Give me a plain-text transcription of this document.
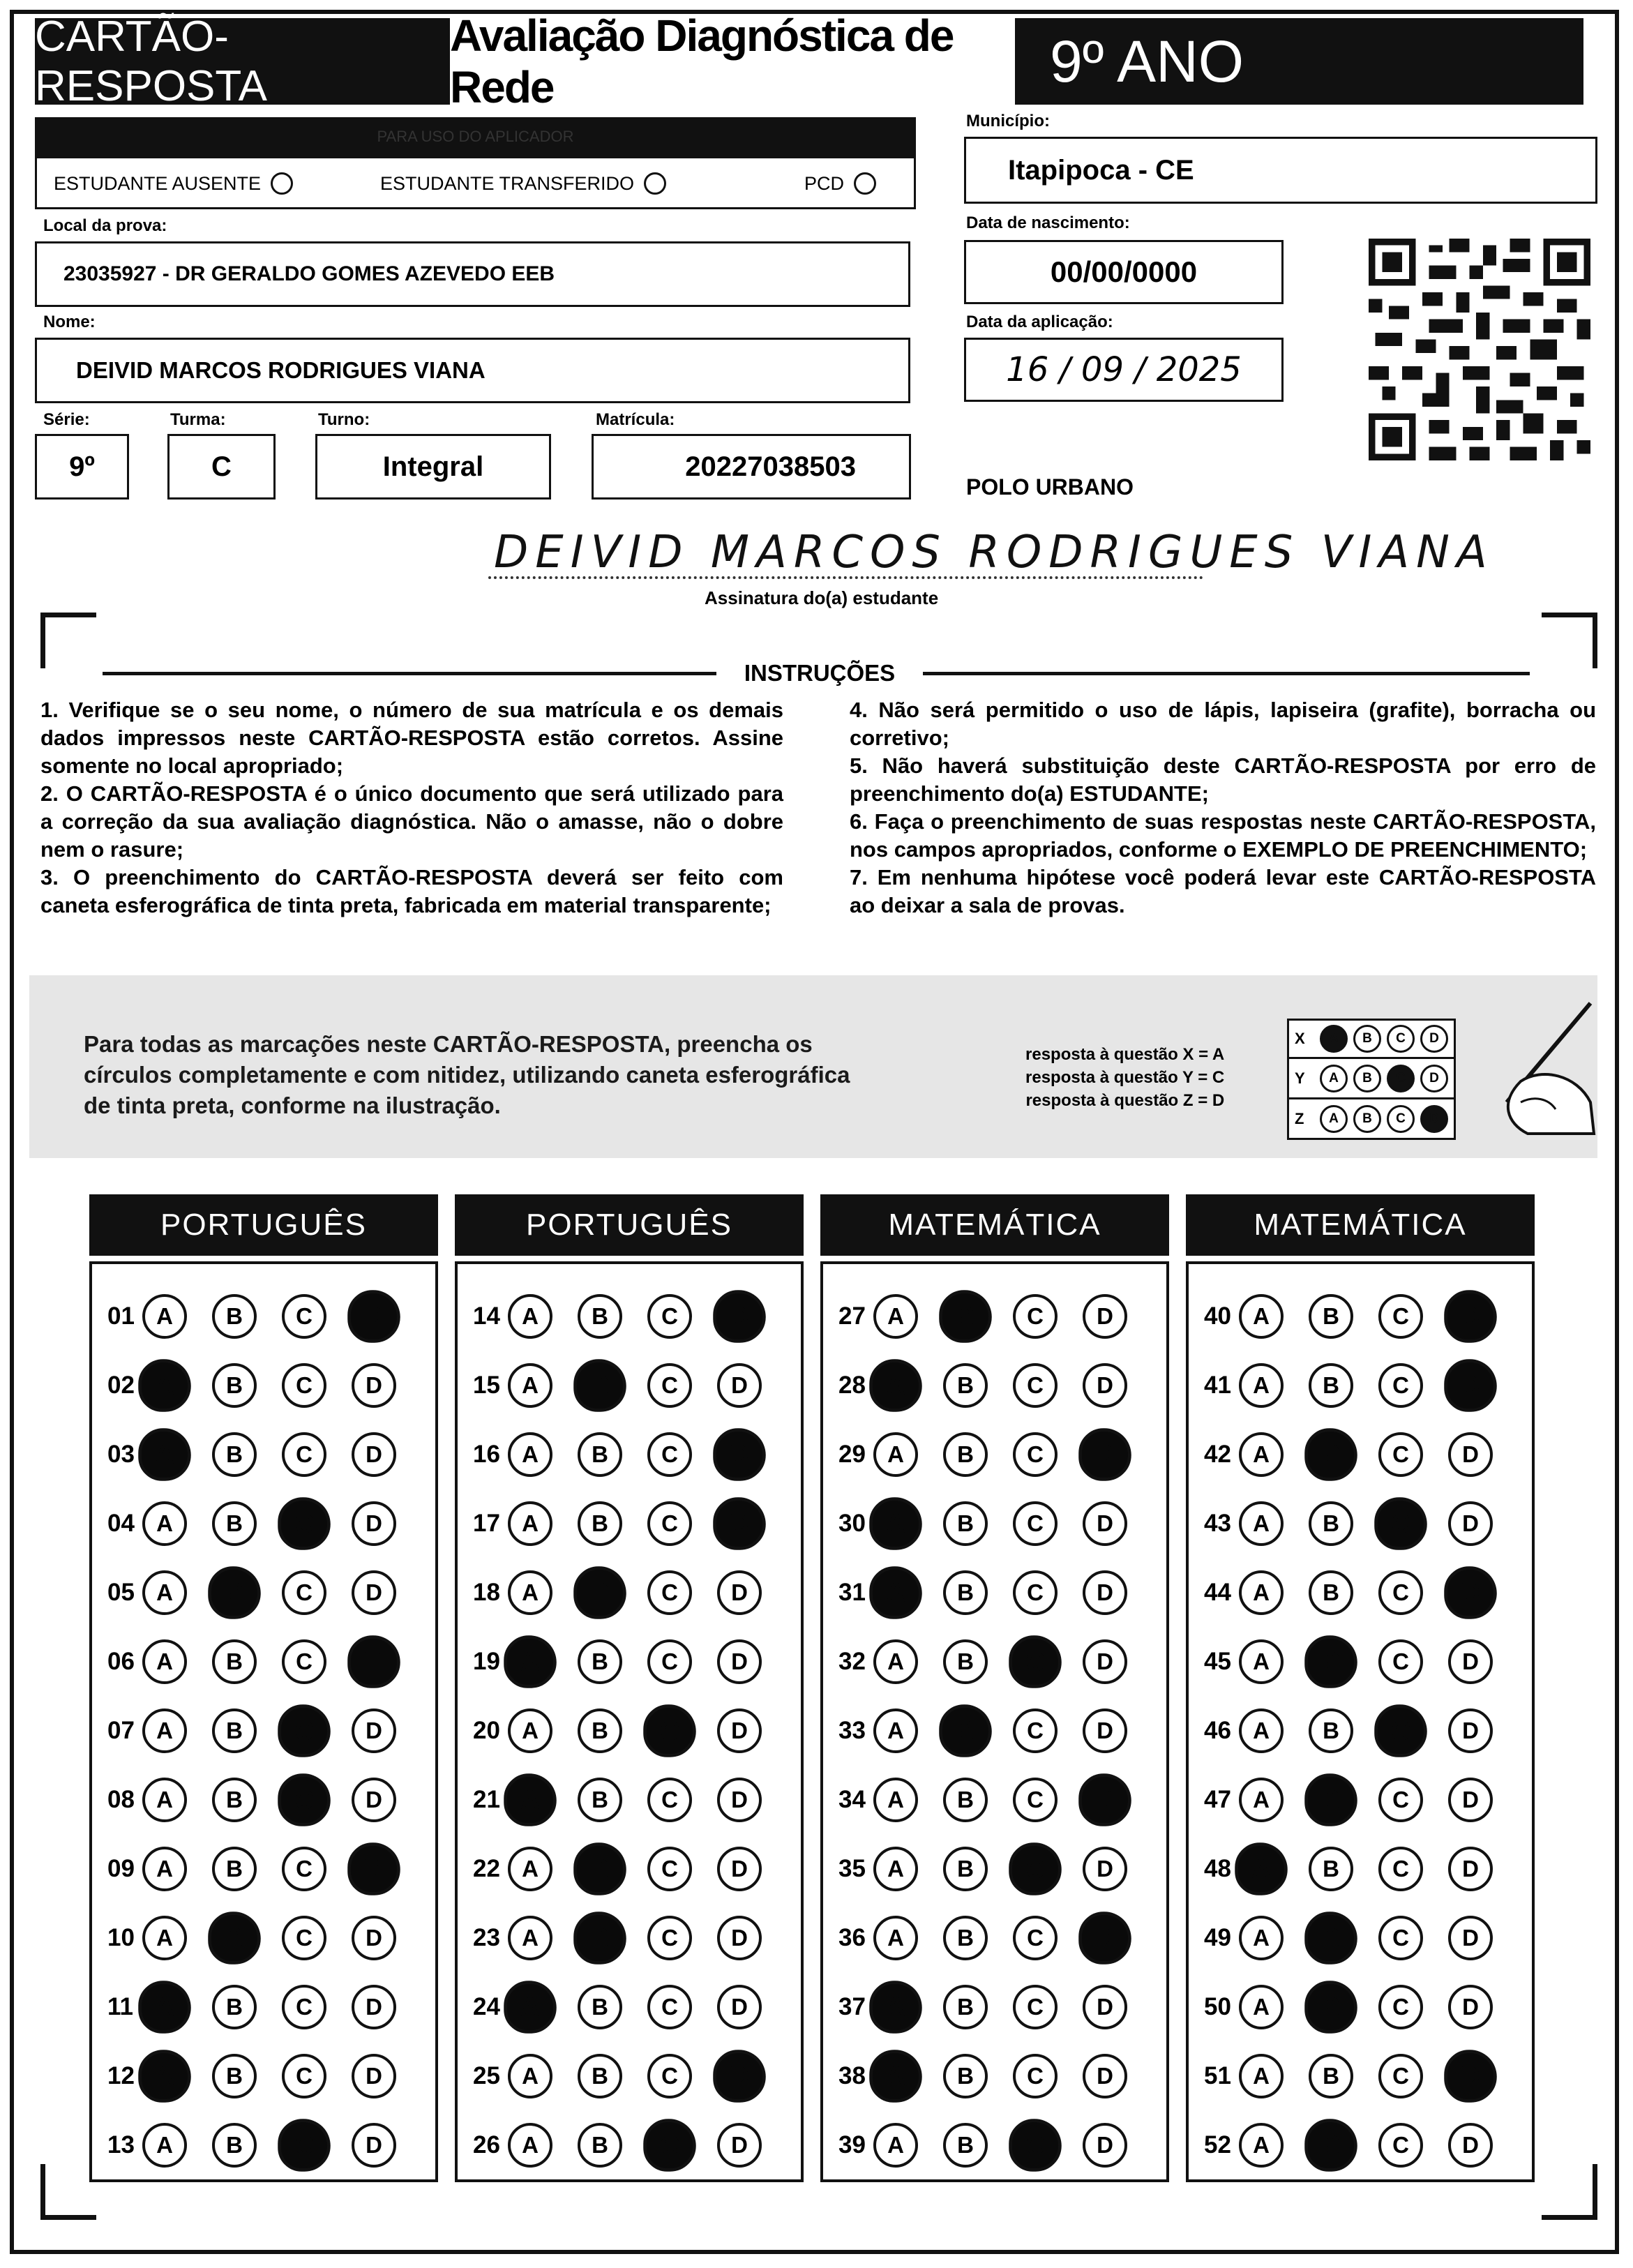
CARTÃO-RESPOSTA
Avaliação Diagnóstica de Rede	9º ANO
PARA USO DO APLICADOR
ESTUDANTE AUSENTE	ESTUDANTE TRANSFERIDO	PCD
Município:
Itapipoca - CE
Local da prova:
23035927 - DR GERALDO GOMES AZEVEDO EEB
Data de nascimento:
00/00/0000
Nome:
DEIVID MARCOS RODRIGUES VIANA
Data da aplicação:
16 / 09 / 2025
Série:
9º
Turma:
C
Turno:
Integral
Matrícula:
20227038503
POLO URBANO
DEIVID MARCOS RODRIGUES VIANA
Assinatura do(a) estudante
INSTRUÇÕES

1. Verifique se o seu nome, o número de sua matrícula e os demais dados impressos neste CARTÃO-RESPOSTA estão corretos. Assine somente no local apropriado;

2. O CARTÃO-RESPOSTA é o único documento que será utilizado para a correção da sua avaliação diagnóstica. Não o amasse, não o dobre nem o rasure;

3. O preenchimento do CARTÃO-RESPOSTA deverá ser feito com caneta esferográfica de tinta preta, fabricada em material transparente;

4. Não será permitido o uso de lápis, lapiseira (grafite), borracha ou corretivo;

5. Não haverá substituição deste CARTÃO-RESPOSTA por erro de preenchimento do(a) ESTUDANTE;

6. Faça o preenchimento de suas respostas neste CARTÃO-RESPOSTA, nos campos apropriados, conforme o EXEMPLO DE PREENCHIMENTO;

7. Em nenhuma hipótese você poderá levar este CARTÃO-RESPOSTA ao deixar a sala de provas.

Para todas as marcações neste CARTÃO-RESPOSTA, preencha os círculos completamente e com nitidez, utilizando caneta esferográfica de tinta preta, conforme na ilustração.
resposta à questão X = A
resposta à questão Y = C
resposta à questão Z = D
X	A	B	C	D
Y	A	B	C	D
Z	A	B	C	D
PORTUGUÊS
01 A	B	C	D
02 A	B	C	D
03 A	B	C	D
04 A	B	C	D
05 A	B	C	D
06 A	B	C	D
07 A	B	C	D
08 A	B	C	D
09 A	B	C	D
10 A	B	C	D
11 A	B	C	D
12 A	B	C	D
13 A	B	C	D
PORTUGUÊS
14 A	B	C	D
15 A	B	C	D
16 A	B	C	D
17 A	B	C	D
18 A	B	C	D
19 A	B	C	D
20 A	B	C	D
21 A	B	C	D
22 A	B	C	D
23 A	B	C	D
24 A	B	C	D
25 A	B	C	D
26 A	B	C	D
MATEMÁTICA
27 A	B	C	D
28 A	B	C	D
29 A	B	C	D
30 A	B	C	D
31 A	B	C	D
32 A	B	C	D
33 A	B	C	D
34 A	B	C	D
35 A	B	C	D
36 A	B	C	D
37 A	B	C	D
38 A	B	C	D
39 A	B	C	D
MATEMÁTICA
40 A	B	C	D
41 A	B	C	D
42 A	B	C	D
43 A	B	C	D
44 A	B	C	D
45 A	B	C	D
46 A	B	C	D
47 A	B	C	D
48 A	B	C	D
49 A	B	C	D
50 A	B	C	D
51 A	B	C	D
52 A	B	C	D
